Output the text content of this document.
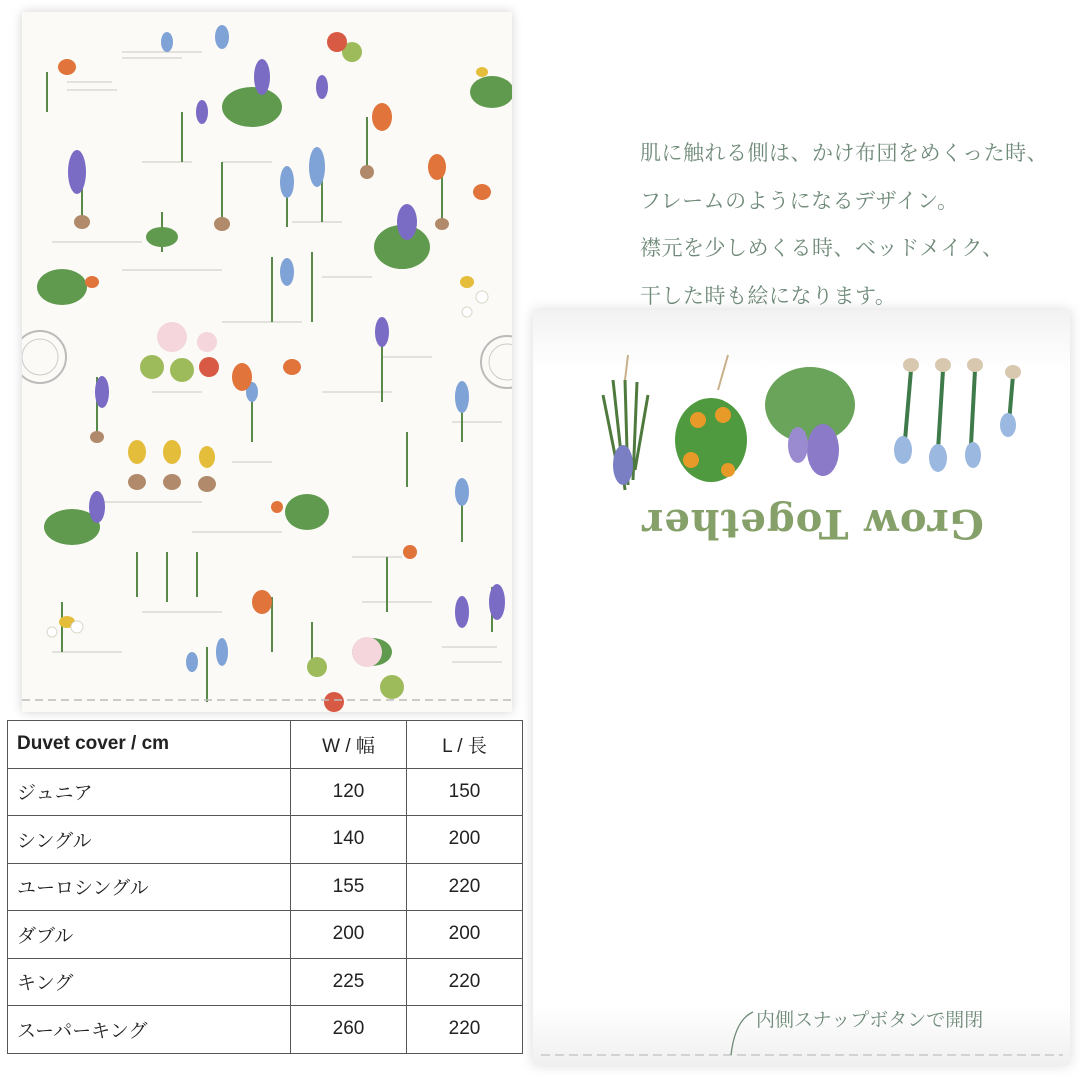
肌に触れる側は、かけ布団をめくった時、
フレームのようになるデザイン。
襟元を少しめくる時、ベッドメイク、
干した時も絵になります。
Grow Together
内側スナップボタンで開閉
Duvet cover / cm	W / 幅	L / 長
ジュニア	120	150
シングル	140	200
ユーロシングル	155	220
ダブル	200	200
キング	225	220
スーパーキング	260	220
